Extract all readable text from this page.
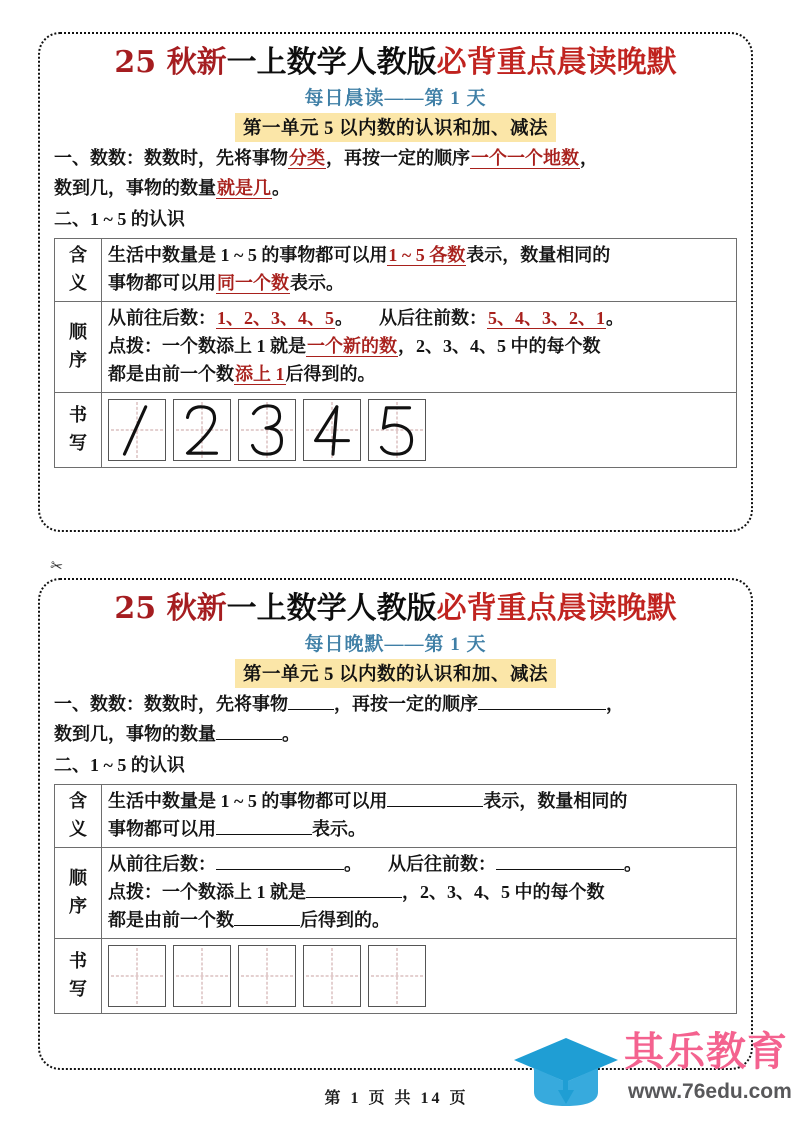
25 秋新一上数学人教版必背重点晨读晚默
每日晨读——第 1 天
第一单元 5 以内数的认识和加、减法
一、数数：数数时，先将事物分类，再按一定的顺序一个一个地数，
数到几，事物的数量就是几。
二、1 ~ 5 的认识
含
义

生活中数量是 1 ~ 5 的事物都可以用1 ~ 5 各数表示，数量相同的
事物都可以用同一个数表示。

顺
序

从前往后数：1、2、3、4、5。 从后往前数：5、4、3、2、1。
点拨：一个数添上 1 就是一个新的数，2、3、4、5 中的每个数
都是由前一个数添上 1后得到的。

书
写

✂
25 秋新一上数学人教版必背重点晨读晚默
每日晚默——第 1 天
第一单元 5 以内数的认识和加、减法
一、数数：数数时，先将事物	，再按一定的顺序	，
数到几，事物的数量	。
二、1 ~ 5 的认识
含
义

生活中数量是 1 ~ 5 的事物都可以用	表示，数量相同的
事物都可以用	表示。

顺
序

从前往后数：	。 从后往前数：	。
点拨：一个数添上 1 就是	，2、3、4、5 中的每个数
都是由前一个数	后得到的。

书
写	

第 1 页 共 14 页
其乐教育
www.76edu.com
